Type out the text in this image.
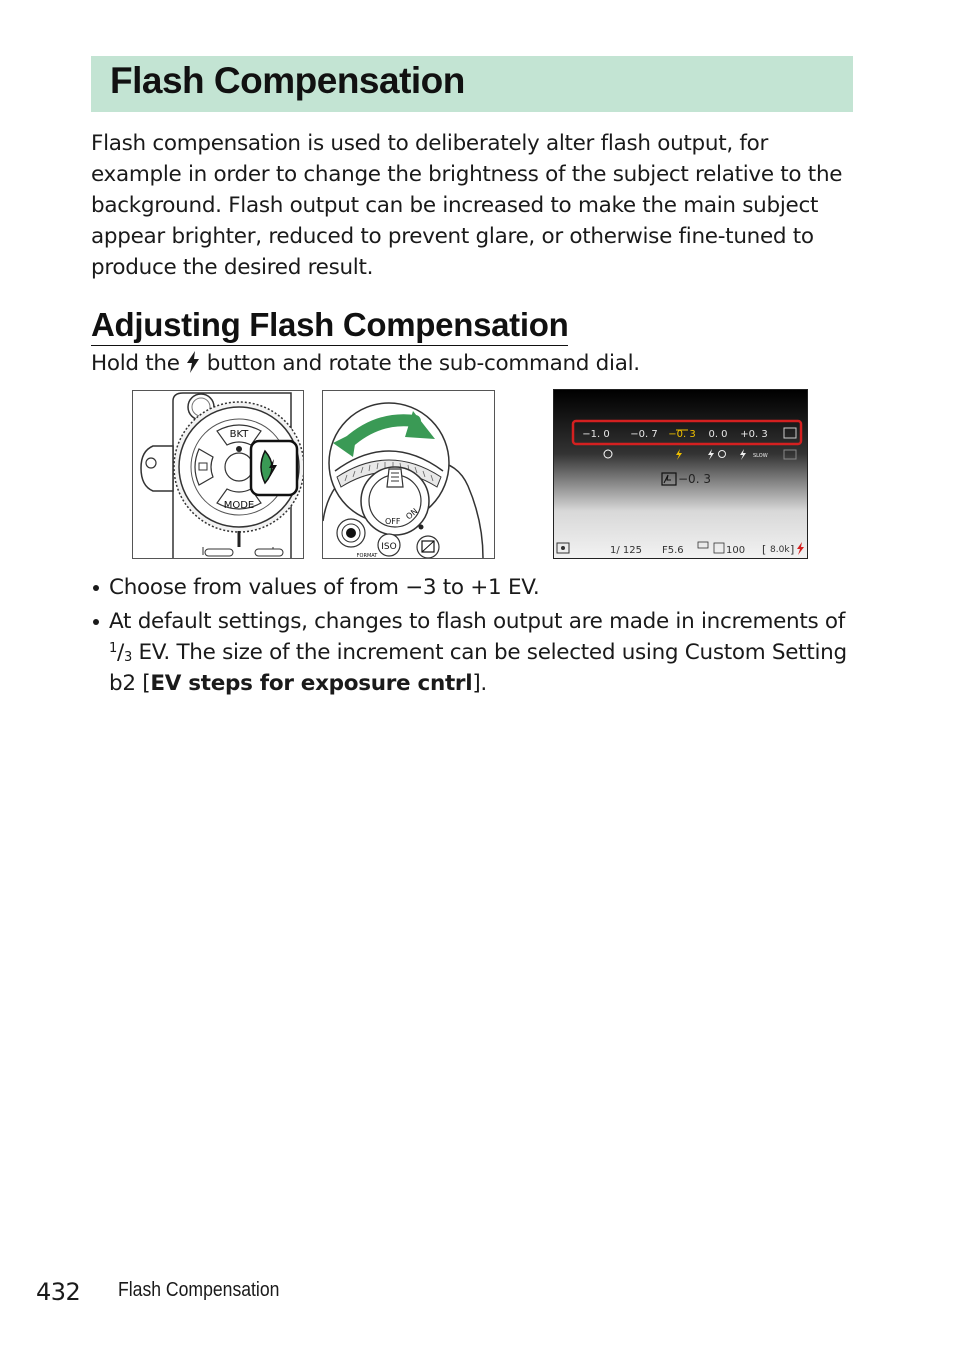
Flash Compensation

Flash compensation is used to deliberately alter flash output, for example in order to change the brightness of the subject relative to the background. Flash output can be increased to make the main subject appear brighter, reduced to prevent glare, or otherwise fine-tuned to produce the desired result.

Adjusting Flash Compensation

Hold the  button and rotate the sub-command dial.

BKT
MODE
OFF
ON
ISO
FORMAT
−1. 0 −0. 7 −0. 3 0. 0 +0. 3
SLOW
−0. 3
1/ 125 F5.6	100 [ 8.0k ]
Choose from values of from −3 to +1 EV.
At default settings, changes to flash output are made in increments of $^1/_3$ EV. The size of the increment can be selected using Custom Setting b2 [EV steps for exposure cntrl].
432 Flash Compensation
